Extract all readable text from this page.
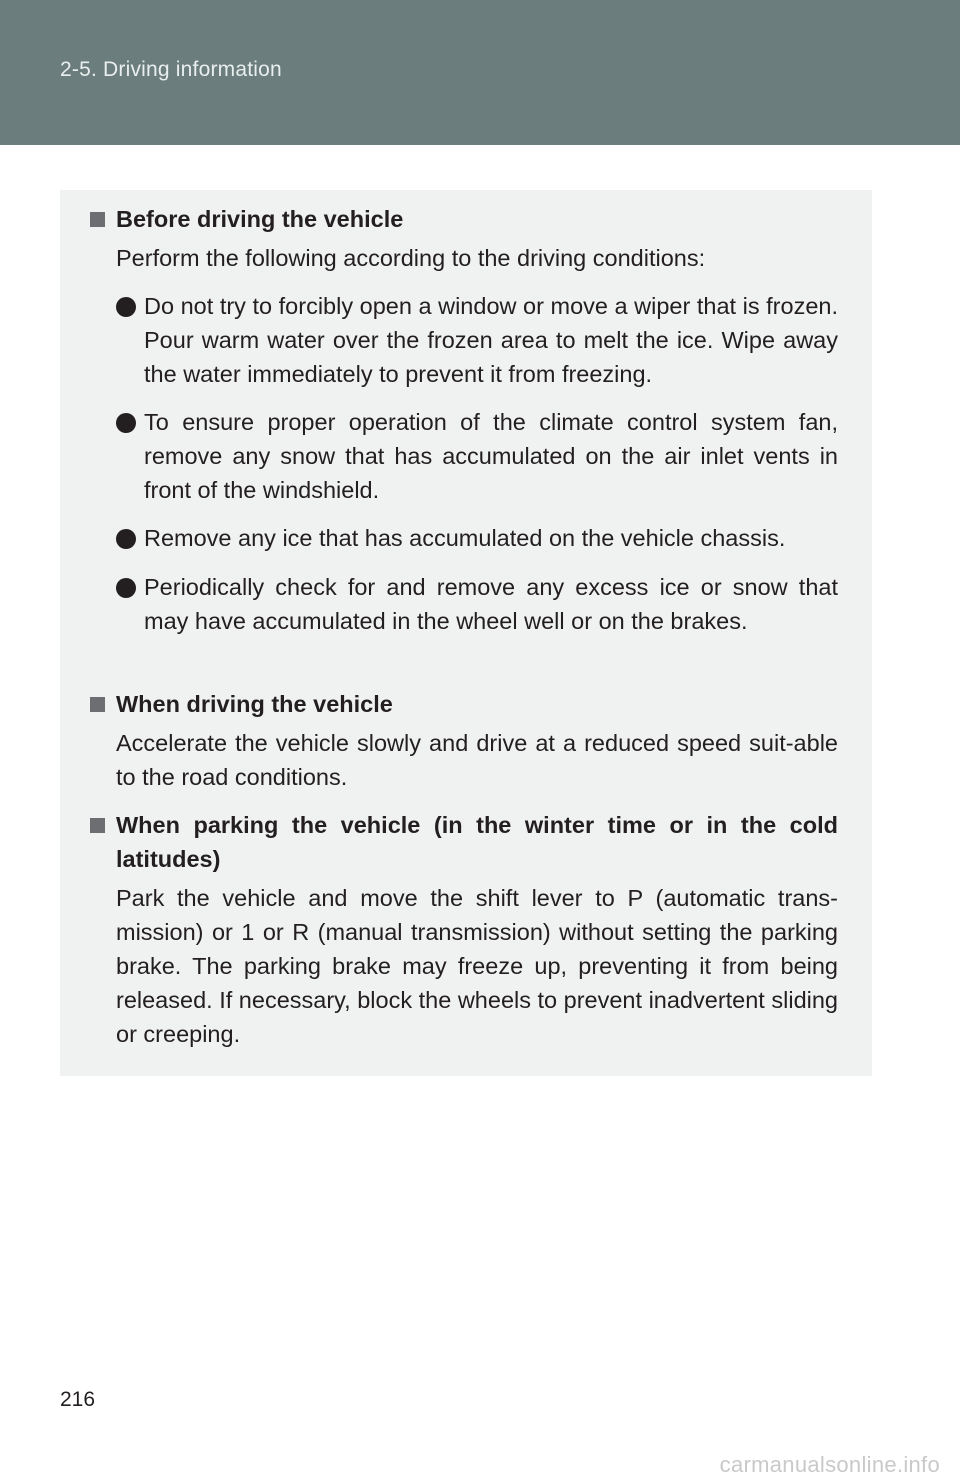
2-5. Driving information
Before driving the vehicle
Perform the following according to the driving conditions:
Do not try to forcibly open a window or move a wiper that is frozen. Pour warm water over the frozen area to melt the ice. Wipe away the water immediately to prevent it from freezing.
To ensure proper operation of the climate control system fan, remove any snow that has accumulated on the air inlet vents in front of the windshield.
Remove any ice that has accumulated on the vehicle chassis.
Periodically check for and remove any excess ice or snow that may have accumulated in the wheel well or on the brakes.
When driving the vehicle
Accelerate the vehicle slowly and drive at a reduced speed suit-able to the road conditions.
When parking the vehicle (in the winter time or in the cold latitudes)
Park the vehicle and move the shift lever to P (automatic trans-mission) or 1 or R (manual transmission) without setting the parking brake. The parking brake may freeze up, preventing it from being released. If necessary, block the wheels to prevent inadvertent sliding or creeping.
216
carmanualsonline.info
